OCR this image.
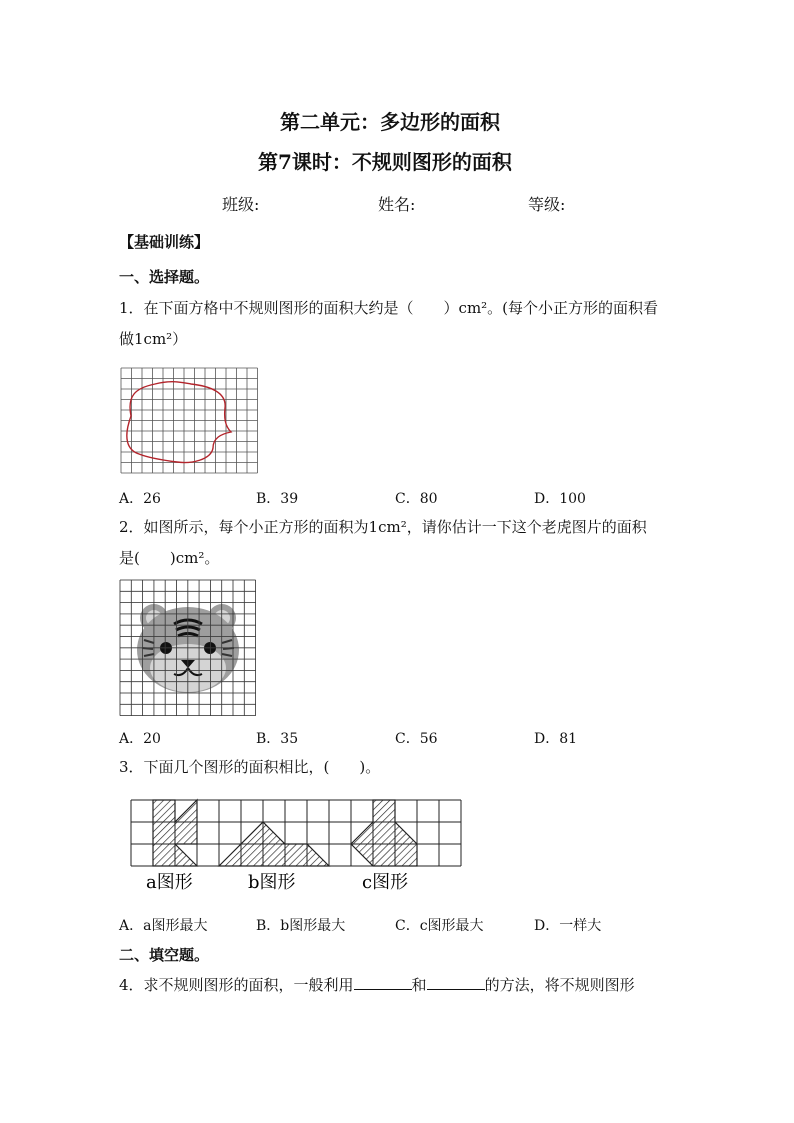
第二单元：多边形的面积
第7课时：不规则图形的面积
班级:	姓名:	等级:
【基础训练】
一、选择题。
1．在下面方格中不规则图形的面积大约是（　　）cm²。(每个小正方形的面积看
做1cm²）
A．26	B．39	C．80	D．100
2．如图所示，每个小正方形的面积为1cm²，请你估计一下这个老虎图片的面积
是(　　)cm²。
A．20	B．35	C．56	D．81
3．下面几个图形的面积相比，(　　)。
a图形	b图形	c图形
A．a图形最大	B．b图形最大	C．c图形最大	D．一样大
二、填空题。
4．求不规则图形的面积，一般利用	和	的方法，将不规则图形
